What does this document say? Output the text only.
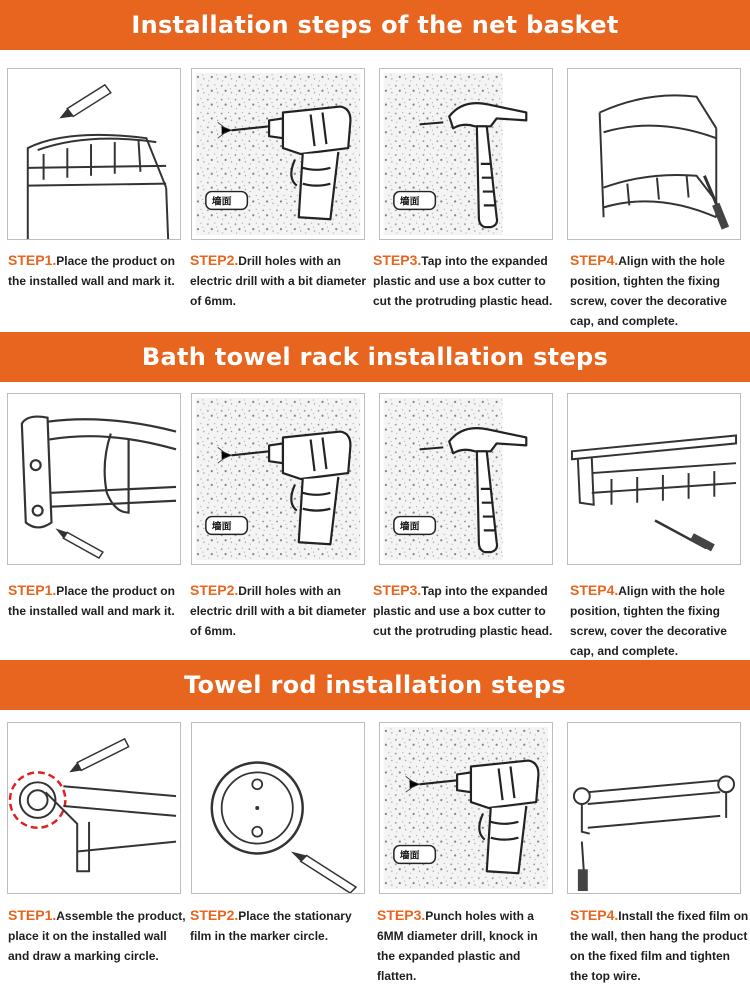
Installation steps of the net basket
墙面	墙面
STEP1.Place the product on the installed wall and mark it.
STEP2.Drill holes with an electric drill with a bit diameter of 6mm.
STEP3.Tap into the expanded plastic and use a box cutter to cut the protruding plastic head.
STEP4.Align with the hole position, tighten the fixing screw, cover the decorative cap, and complete.
Bath towel rack installation steps
墙面	墙面
STEP1.Place the product on the installed wall and mark it.
STEP2.Drill holes with an electric drill with a bit diameter of 6mm.
STEP3.Tap into the expanded plastic and use a box cutter to cut the protruding plastic head.
STEP4.Align with the hole position, tighten the fixing screw, cover the decorative cap, and complete.
Towel rod installation steps
墙面
STEP1.Assemble the product, place it on the installed wall and draw a marking circle.
STEP2.Place the stationary film in the marker circle.
STEP3.Punch holes with a 6MM diameter drill, knock in the expanded plastic and flatten.
STEP4.Install the fixed film on the wall, then hang the product on the fixed film and tighten the top wire.
